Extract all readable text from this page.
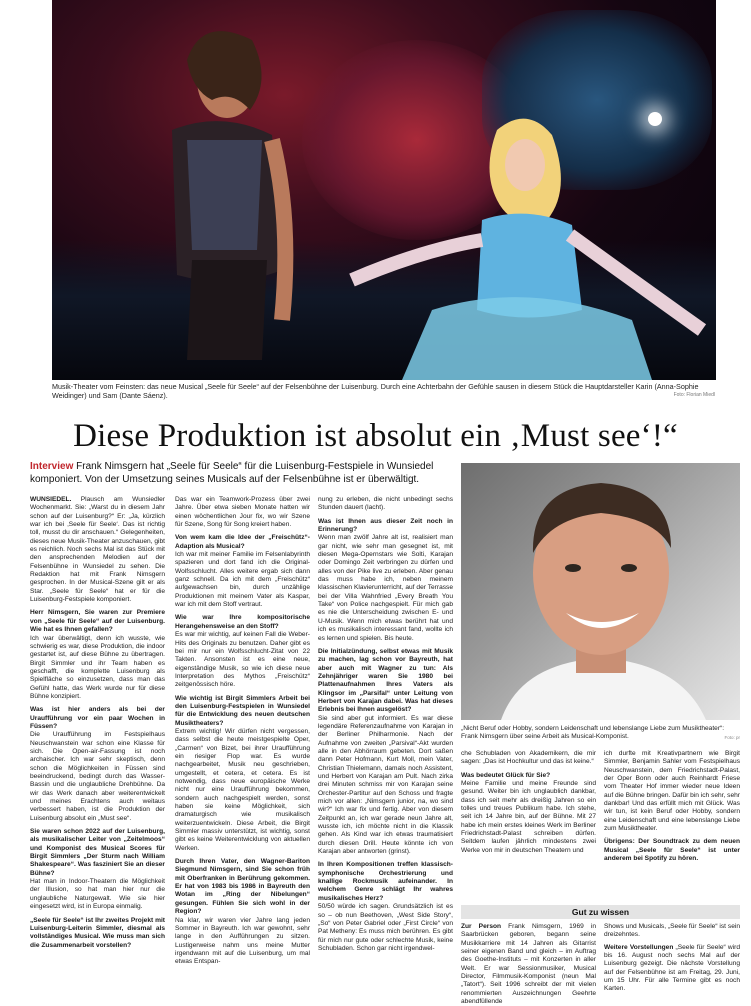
Musik-Theater vom Feinsten: das neue Musical „Seele für Seele“ auf der Felsenbühne der Luisenburg. Durch eine Achterbahn der Gefühle sausen in diesem Stück die Hauptdarsteller Karin (Anna-Sophie Weidinger) und Sam (Dante Sáenz).	Foto: Florian Miedl
Diese Produktion ist absolut ein ‚Must see‘!“
Interview Frank Nimsgern hat „Seele für Seele“ für die Luisenburg-Festspiele in Wunsiedel komponiert. Von der Umsetzung seines Musicals auf der Felsenbühne ist er überwältigt.
„Nicht Beruf oder Hobby, sondern Leidenschaft und lebenslange Liebe zum Musiktheater“: Frank Nimsgern über seine Arbeit als Musical-Komponist.	Foto: pr

WUNSIEDEL. Plausch am Wunsiedler Wochenmarkt. Sie: „Warst du in diesem Jahr schon auf der Luisenburg?“ Er: „Ja, kürzlich war ich bei ‚Seele für Seele‘. Das ist richtig toll, musst du dir anschauen.“ Gelegenheiten, dieses neue Musik-Theater anzuschauen, gibt es reichlich. Noch sechs Mal ist das Stück mit den ansprechenden Melodien auf der Felsenbühne in Wunsiedel zu sehen. Die Redaktion hat mit Frank Nimsgern gesprochen. In der Musical-Szene gilt er als Star. „Seele für Seele“ hat er für die Luisenburg-Festspiele komponiert.

Herr Nimsgern, Sie waren zur Premiere von „Seele für Seele“ auf der Luisenburg. Wie hat es Ihnen gefallen?

Ich war überwältigt, denn ich wusste, wie schwierig es war, diese Produktion, die indoor gestartet ist, auf diese Bühne zu übertragen. Birgit Simmler und ihr Team haben es geschafft, die komplette Luisenburg als Spielfläche so einzusetzen, dass man das Gefühl hatte, das Werk wurde nur für diese Bühne konzipiert.

Was ist hier anders als bei der Uraufführung vor ein paar Wochen in Füssen?

Die Uraufführung im Festspielhaus Neuschwanstein war schon eine Klasse für sich. Die Open-air-Fassung ist noch archaischer. Ich war sehr skeptisch, denn schon die Möglichkeiten in Füssen sind beeindruckend, bedingt durch das Wasser-Bassin und die unglaubliche Drehbühne. Da wir das Werk danach aber weiterentwickelt und meines Erachtens auch weitaus verbessert haben, ist die Produktion der Luisenburg absolut ein „Must see“.

Sie waren schon 2022 auf der Luisenburg, als musikalischer Leiter von „Zeitelmoos“ und Komponist des Musical Scores für Birgit Simmlers „Der Sturm nach William Shakespeare“. Was fasziniert Sie an dieser Bühne?

Hat man in Indoor-Theatern die Möglichkeit der Illusion, so hat man hier nur die unglaubliche Naturgewalt. Wie sie hier eingesetzt wird, ist in Europa einmalig.

„Seele für Seele“ ist Ihr zweites Projekt mit Luisenburg-Leiterin Simmler, diesmal als vollständiges Musical. Wie muss man sich die Zusammenarbeit vorstellen?

Das war ein Teamwork-Prozess über zwei Jahre. Über etwa sieben Monate hatten wir einen wöchentlichen Jour fix, wo wir Szene für Szene, Song für Song kreiert haben.

Von wem kam die Idee der „Freischütz“-Adaption als Musical?

Ich war mit meiner Familie im Felsenlabyrinth spazieren und dort fand ich die Original-Wolfsschlucht. Alles weitere ergab sich dann ganz schnell. Da ich mit dem „Freischütz“ aufgewachsen bin, durch unzählige Produktionen mit meinem Vater als Kaspar, war ich mit dem Stoff vertraut.

Wie war Ihre kompositorische Herangehensweise an den Stoff?

Es war mir wichtig, auf keinen Fall die Weber-Hits des Originals zu benutzen. Daher gibt es bei mir nur ein Wolfsschlucht-Zitat von 22 Takten. Ansonsten ist es eine neue, eigenständige Musik, so wie ich diese neue Interpretation des Mythos „Freischütz“ zeitgenössisch höre.

Wie wichtig ist Birgit Simmlers Arbeit bei den Luisenburg-Festspielen in Wunsiedel für die Entwicklung des neuen deutschen Musiktheaters?

Extrem wichtig! Wir dürfen nicht vergessen, dass selbst die heute meistgespielte Oper, „Carmen“ von Bizet, bei ihrer Uraufführung ein riesiger Flop war. Es wurde nachgearbeitet, Musik neu geschrieben, umgestellt, et cetera, et cetera. Es ist notwendig, dass neue europäische Werke nicht nur eine Uraufführung bekommen, sondern auch nachgespielt werden, sonst haben sie keine Möglichkeit, sich dramaturgisch wie musikalisch weiterzuentwickeln. Diese Arbeit, die Birgit Simmler massiv unterstützt, ist wichtig, sonst gibt es keine Weiterentwicklung von aktuellen Werken.

Durch Ihren Vater, den Wagner-Bariton Siegmund Nimsgern, sind Sie schon früh mit Oberfranken in Berührung gekommen. Er hat von 1983 bis 1986 in Bayreuth den Wotan im „Ring der Nibelungen“ gesungen. Fühlen Sie sich wohl in der Region?

Na klar, wir waren vier Jahre lang jeden Sommer in Bayreuth. Ich war gewohnt, sehr lange in den Aufführungen zu sitzen. Lustigerweise nahm uns meine Mutter irgendwann mit auf die Luisenburg, um mal etwas Entspan-

nung zu erleben, die nicht unbedingt sechs Stunden dauert (lacht).

Was ist Ihnen aus dieser Zeit noch in Erinnerung?

Wenn man zwölf Jahre alt ist, realisiert man gar nicht, wie sehr man gesegnet ist, mit diesen Mega-Opernstars wie Solti, Karajan oder Domingo Zeit verbringen zu dürfen und alles von der Pike live zu erleben. Aber genau das muss habe ich, neben meinem klassischen Klavierunterricht, auf der Terrasse bei der Villa Wahnfried „Every Breath You Take“ von Police nachgespielt. Für mich gab es nie die Unterscheidung zwischen E- und U-Musik. Wenn mich etwas berührt hat und ich es musikalisch interessant fand, wollte ich es lernen und spielen. Bis heute.

Die Initialzündung, selbst etwas mit Musik zu machen, lag schon vor Bayreuth, hat aber auch mit Wagner zu tun: Als Zehnjähriger waren Sie 1980 bei Plattenaufnahmen Ihres Vaters als Klingsor im „Parsifal“ unter Leitung von Herbert von Karajan dabei. Was hat dieses Erlebnis bei Ihnen ausgelöst?

Sie sind aber gut informiert. Es war diese legendäre Referenzaufnahme von Karajan in der Berliner Philharmonie. Nach der Aufnahme von zweiten „Parsival“-Akt wurden alle in den Abhörraum gebeten. Dort saßen dann Peter Hofmann, Kurt Moll, mein Vater, Christian Thielemann, damals noch Assistent, und Herbert von Karajan am Pult. Nach zirka drei Minuten schmiss mir von Karajan seine Orchester-Partitur auf den Schoss und fragte mich vor allen: „Nimsgern junior, na, wo sind wir?“ Ich war fix und fertig. Aber von diesem Zeitpunkt an, ich war gerade neun Jahre alt, wusste ich, ich möchte nicht in die Klassik gehen. Als Kind war ich etwas traumatisiert durch diesen Drill. Heute könnte ich von Karajan aber antworten (grinst).

In Ihren Kompositionen treffen klassisch-symphonische Orchestrierung und knallige Rockmusik aufeinander. In welchem Genre schlägt Ihr wahres musikalisches Herz?

50/50 würde ich sagen. Grundsätzlich ist es so – ob nun Beethoven, „West Side Story“, „So“ von Peter Gabriel oder „First Circle“ von Pat Metheny: Es muss mich berühren. Es gibt für mich nur gute oder schlechte Musik, keine Schubladen. Schon gar nicht irgendwel-

che Schubladen von Akademikern, die mir sagen: „Das ist Hochkultur und das ist keine.“

Was bedeutet Glück für Sie?

Meine Familie und meine Freunde sind gesund. Weiter bin ich unglaublich dankbar, dass ich seit mehr als dreißig Jahren so ein tolles und treues Publikum habe. Ich stehe, seit ich 14 Jahre bin, auf der Bühne. Mit 27 habe ich mein erstes kleines Werk im Berliner Friedrichstadt-Palast schreiben dürfen. Seitdem laufen jährlich mindestens zwei Werke von mir in deutschen Theatern und

ich durfte mit Kreativpartnern wie Birgit Simmler, Benjamin Sahler vom Festspielhaus Neuschwanstein, dem Friedrichstadt-Palast, der Oper Bonn oder auch Reinhardt Friese vom Theater Hof immer wieder neue Ideen auf die Bühne bringen. Dafür bin ich sehr, sehr dankbar! Und das erfüllt mich mit Glück. Was wir tun, ist kein Beruf oder Hobby, sondern eine Leidenschaft und eine lebenslange Liebe zum Musiktheater.

Übrigens: Der Soundtrack zu dem neuen Musical „Seele für Seele“ ist unter anderem bei Spotify zu hören.

Gut zu wissen

Zur Person Frank Nimsgern, 1969 in Saarbrücken geboren, begann seine Musikkarriere mit 14 Jahren als Gitarrist seiner eigenen Band und gleich – im Auftrag des Goethe-Instituts – mit Konzerten in aller Welt. Er war Sessionmusiker, Musical Director, Filmmusik-Komponist (neun Mal „Tatort“). Seit 1996 schreibt der mit vielen renommierten Auszeichnungen Geehrte abendfüllende

Shows und Musicals, „Seele für Seele“ ist sein dreizehntes.

Weitere Vorstellungen „Seele für Seele“ wird bis 16. August noch sechs Mal auf der Luisenburg gezeigt. Die nächste Vorstellung auf der Felsenbühne ist am Freitag, 29. Juni, um 15 Uhr. Für alle Termine gibt es noch Karten.
